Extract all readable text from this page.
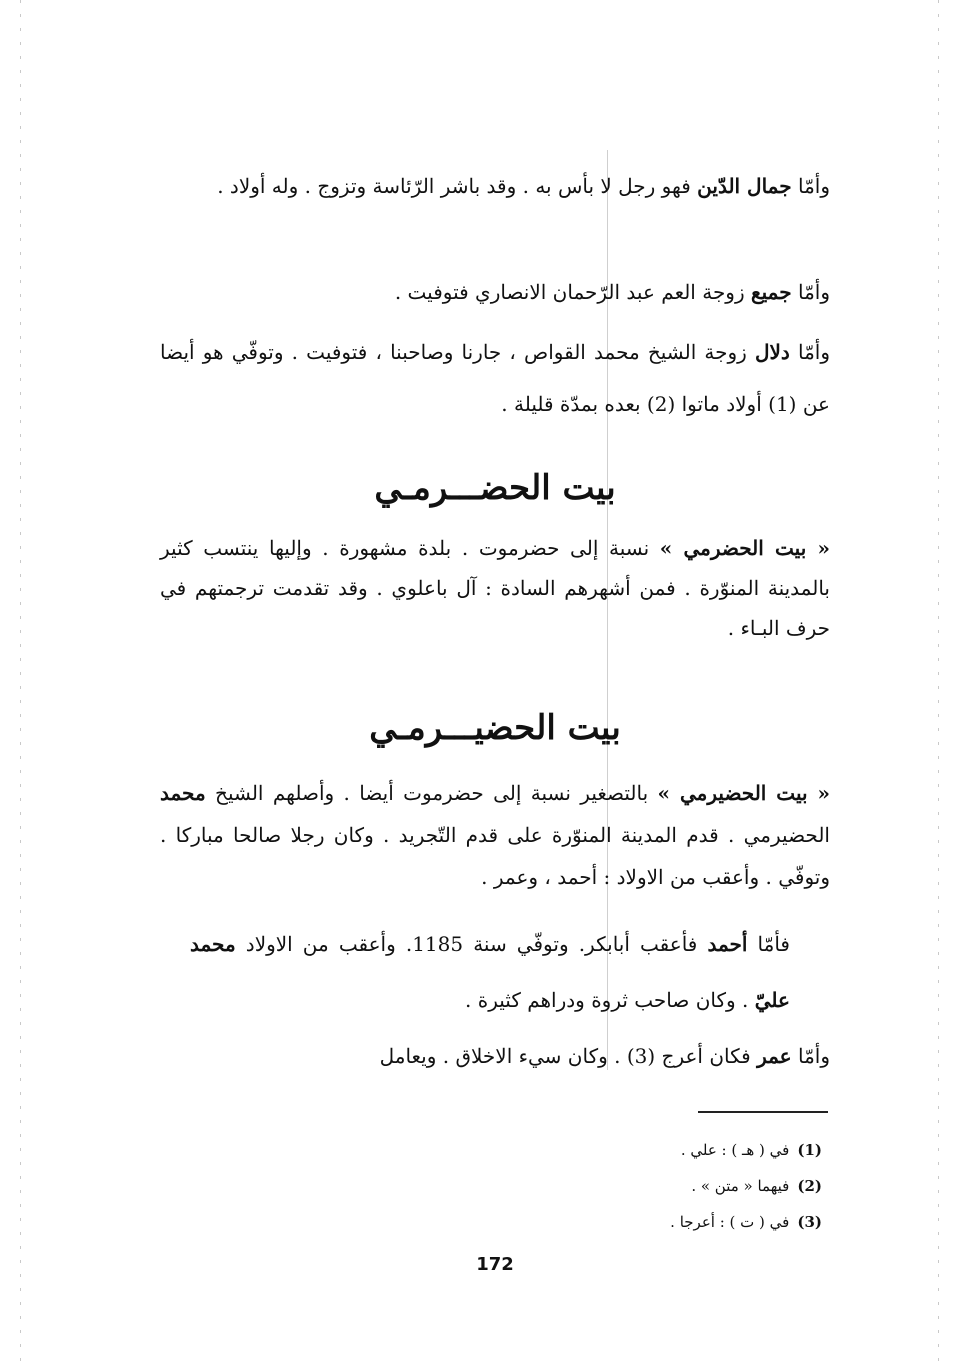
وأمّا جمال الدّين فهو رجل لا بأس به . وقد باشر الرّئاسة وتزوج . وله أولاد .

وأمّا جميع زوجة العم عبد الرّحمان الانصاري فتوفيت .

وأمّا دلال زوجة الشيخ محمد القواص ، جارنا وصاحبنا ، فتوفيت . وتوفّي هو أيضا عن (1) أولاد ماتوا (2) بعده بمدّة قليلة .

بيت الحضـــرمـي

« بيت الحضرمي » نسبة إلى حضرموت . بلدة مشهورة . وإليها ينتسب كثير بالمدينة المنوّرة . فمن أشهرهم السادة : آل باعلوي . وقد تقدمت ترجمتهم في حرف البـاء .

بيت الحضيـــرمـي

« بيت الحضيرمي » بالتصغير نسبة إلى حضرموت أيضا . وأصلهم الشيخ محمد الحضيرمي . قدم المدينة المنوّرة على قدم التّجريد . وكان رجلا صالحا مباركا . وتوفّي . وأعقب من الاولاد : أحمد ، وعمر .

فأمّا أحمد فأعقب أبابكر. وتوفّي سنة 1185. وأعقب من الاولاد محمد عليّ . وكان صاحب ثروة ودراهم كثيرة .

وأمّا عمر فكان أعرج (3) . وكان سيء الاخلاق . ويعامل

(1)في ( هـ ) : علي .
(2)فيهما « متن » .
(3)في ( ت ) : أعرجا .
172
